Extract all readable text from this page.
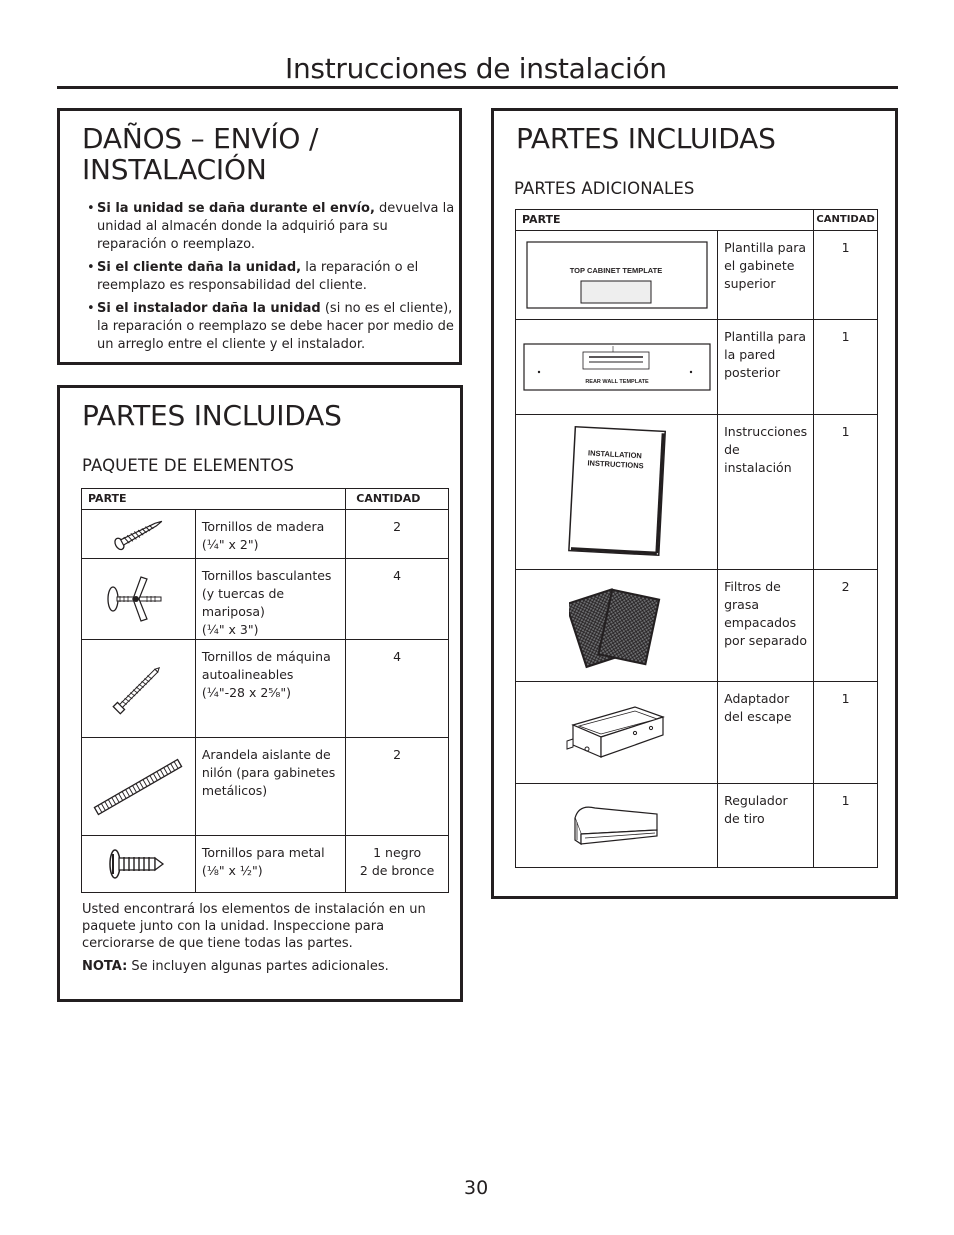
Instrucciones de instalación
DAÑOS – ENVÍO /
INSTALACIÓN
• Si la unidad se daña durante el envío, devuelva la unidad al almacén donde la adquirió para su reparación o reemplazo.
• Si el cliente daña la unidad, la reparación o el reemplazo es responsabilidad del cliente.
• Si el instalador daña la unidad (si no es el cliente), la reparación o reemplazo se debe hacer por medio de un arreglo entre el cliente y el instalador.
PARTES INCLUIDAS
PAQUETE DE ELEMENTOS
PARTE		CANTIDAD

	Tornillos de madera
(¼" x 2")	2

	Tornillos basculantes
(y tuercas de mariposa)
(¼" x 3")	4

	Tornillos de máquina
autoalineables
(¼"-28 x 2⁵⁄₈")	4

	Arandela aislante de
nilón (para gabinetes
metálicos)	2

	Tornillos para metal
(⅛" x ½")	1 negro
2 de bronce

Usted encontrará los elementos de instalación en un paquete junto con la unidad. Inspeccione para cerciorarse de que tiene todas las partes.

NOTA: Se incluyen algunas partes adicionales.

PARTES INCLUIDAS
PARTES ADICIONALES
PARTE		CANTIDAD

TOP CABINET TEMPLATE	Plantilla para
el gabinete
superior	1

REAR WALL TEMPLATE	Plantilla para
la pared
posterior	1

INSTALLATIONINSTRUCTIONS	Instrucciones
de instalación	1

	Filtros de
grasa
empacados
por separado	2

	Adaptador
del escape	1

	Regulador
de tiro	1

30
